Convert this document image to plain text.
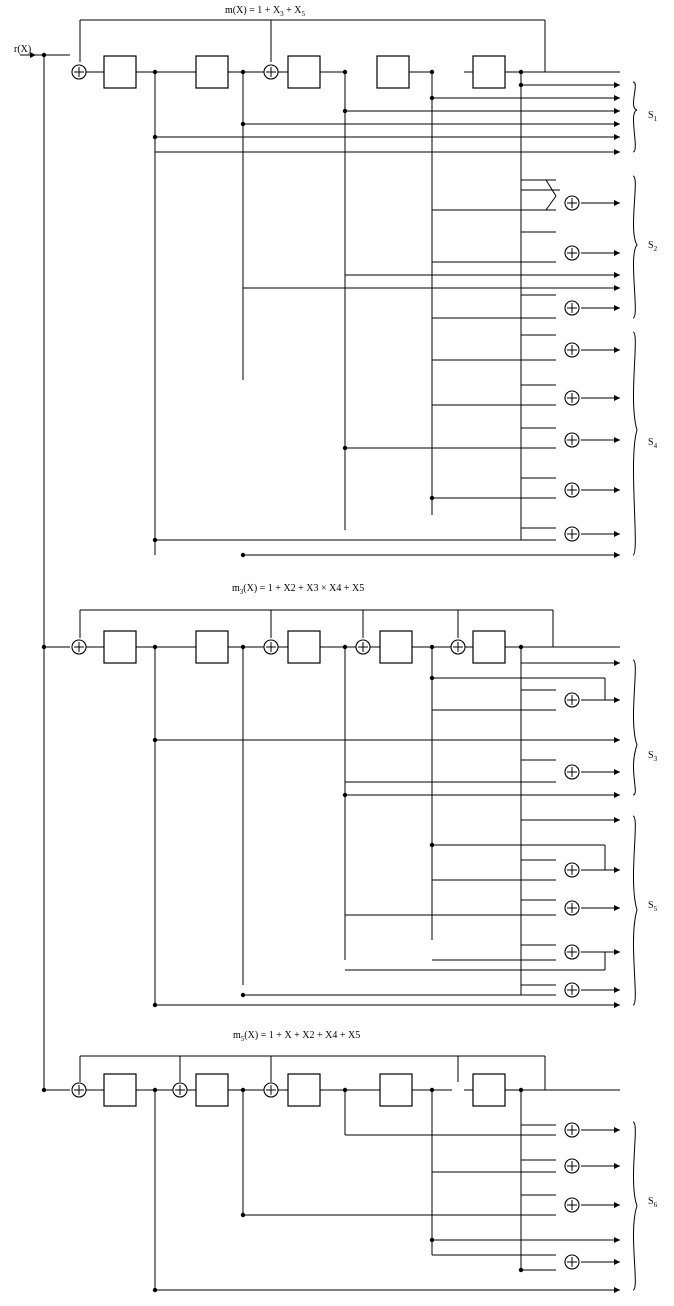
r(X)
$m(X) = 1 + X_3 + X_5$
$m_3(X) = 1 + X2 + X3 \times X4 + X5$
$m_5(X) = 1 + X + X2 + X4 + X5$
$S_1$
$S_2$
$S_4$
$S_3$
$S_5$
$S_6$
